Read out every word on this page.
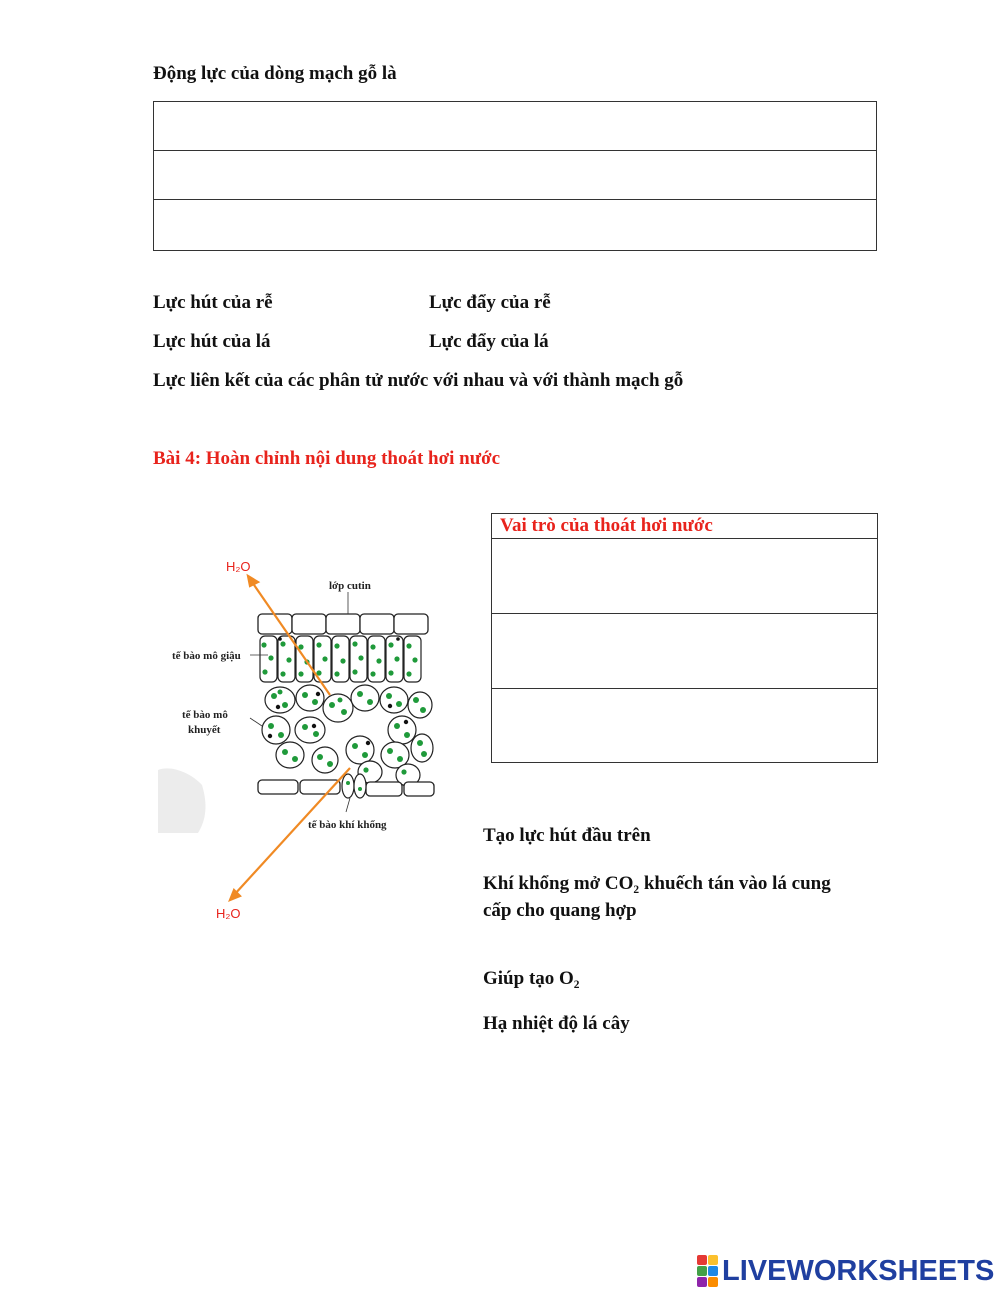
Động lực của dòng mạch gỗ là
Lực hút của rễ	Lực đẩy của rễ
Lực hút của lá	Lực đẩy của lá
Lực liên kết của các phân tử nước với nhau và với thành mạch gỗ
Bài 4: Hoàn chỉnh nội dung thoát hơi nước
Vai trò của thoát hơi nước
H₂O
H₂O
lớp cutin
tế bào mô giậu
tế bào mô
khuyết
tế bào khí khổng	Tạo lực hút đầu trên
Khí khổng mở CO₂ khuếch tán vào lá cung
cấp cho quang hợp
Giúp tạo O₂
Hạ nhiệt độ lá cây
LIVEWORKSHEETS
